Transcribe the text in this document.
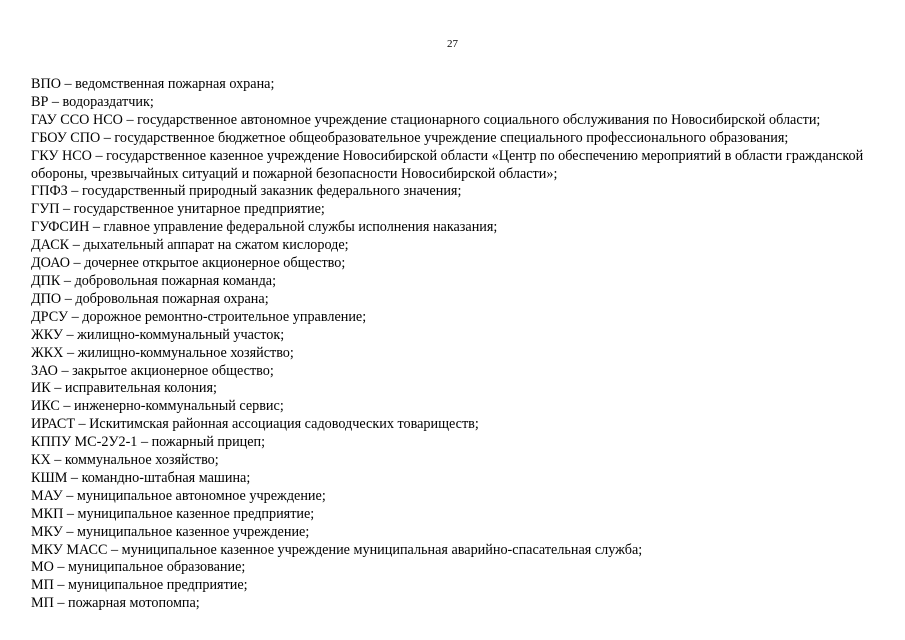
27
ВПО – ведомственная пожарная охрана;
ВР – водораздатчик;
ГАУ ССО НСО – государственное автономное учреждение стационарного социального обслуживания по Новосибирской области;
ГБОУ СПО – государственное бюджетное общеобразовательное учреждение специального профессионального образования;
ГКУ НСО – государственное казенное учреждение Новосибирской области «Центр по обеспечению мероприятий в области гражданской обороны, чрезвычайных ситуаций и пожарной безопасности Новосибирской области»;
ГПФЗ – государственный природный заказник федерального значения;
ГУП – государственное унитарное предприятие;
ГУФСИН – главное управление федеральной службы исполнения наказания;
ДАСК – дыхательный аппарат на сжатом кислороде;
ДОАО – дочернее открытое акционерное общество;
ДПК – добровольная пожарная команда;
ДПО – добровольная пожарная охрана;
ДРСУ – дорожное ремонтно-строительное управление;
ЖКУ – жилищно-коммунальный участок;
ЖКХ – жилищно-коммунальное хозяйство;
ЗАО – закрытое акционерное общество;
ИК – исправительная колония;
ИКС – инженерно-коммунальный сервис;
ИРАСТ – Искитимская районная ассоциация садоводческих товариществ;
КППУ МС-2У2-1 – пожарный прицеп;
КХ – коммунальное хозяйство;
КШМ – командно-штабная машина;
МАУ – муниципальное автономное учреждение;
МКП – муниципальное казенное предприятие;
МКУ – муниципальное казенное учреждение;
МКУ МАСС – муниципальное казенное учреждение муниципальная аварийно-спасательная служба;
МО – муниципальное образование;
МП – муниципальное предприятие;
МП – пожарная мотопомпа;
